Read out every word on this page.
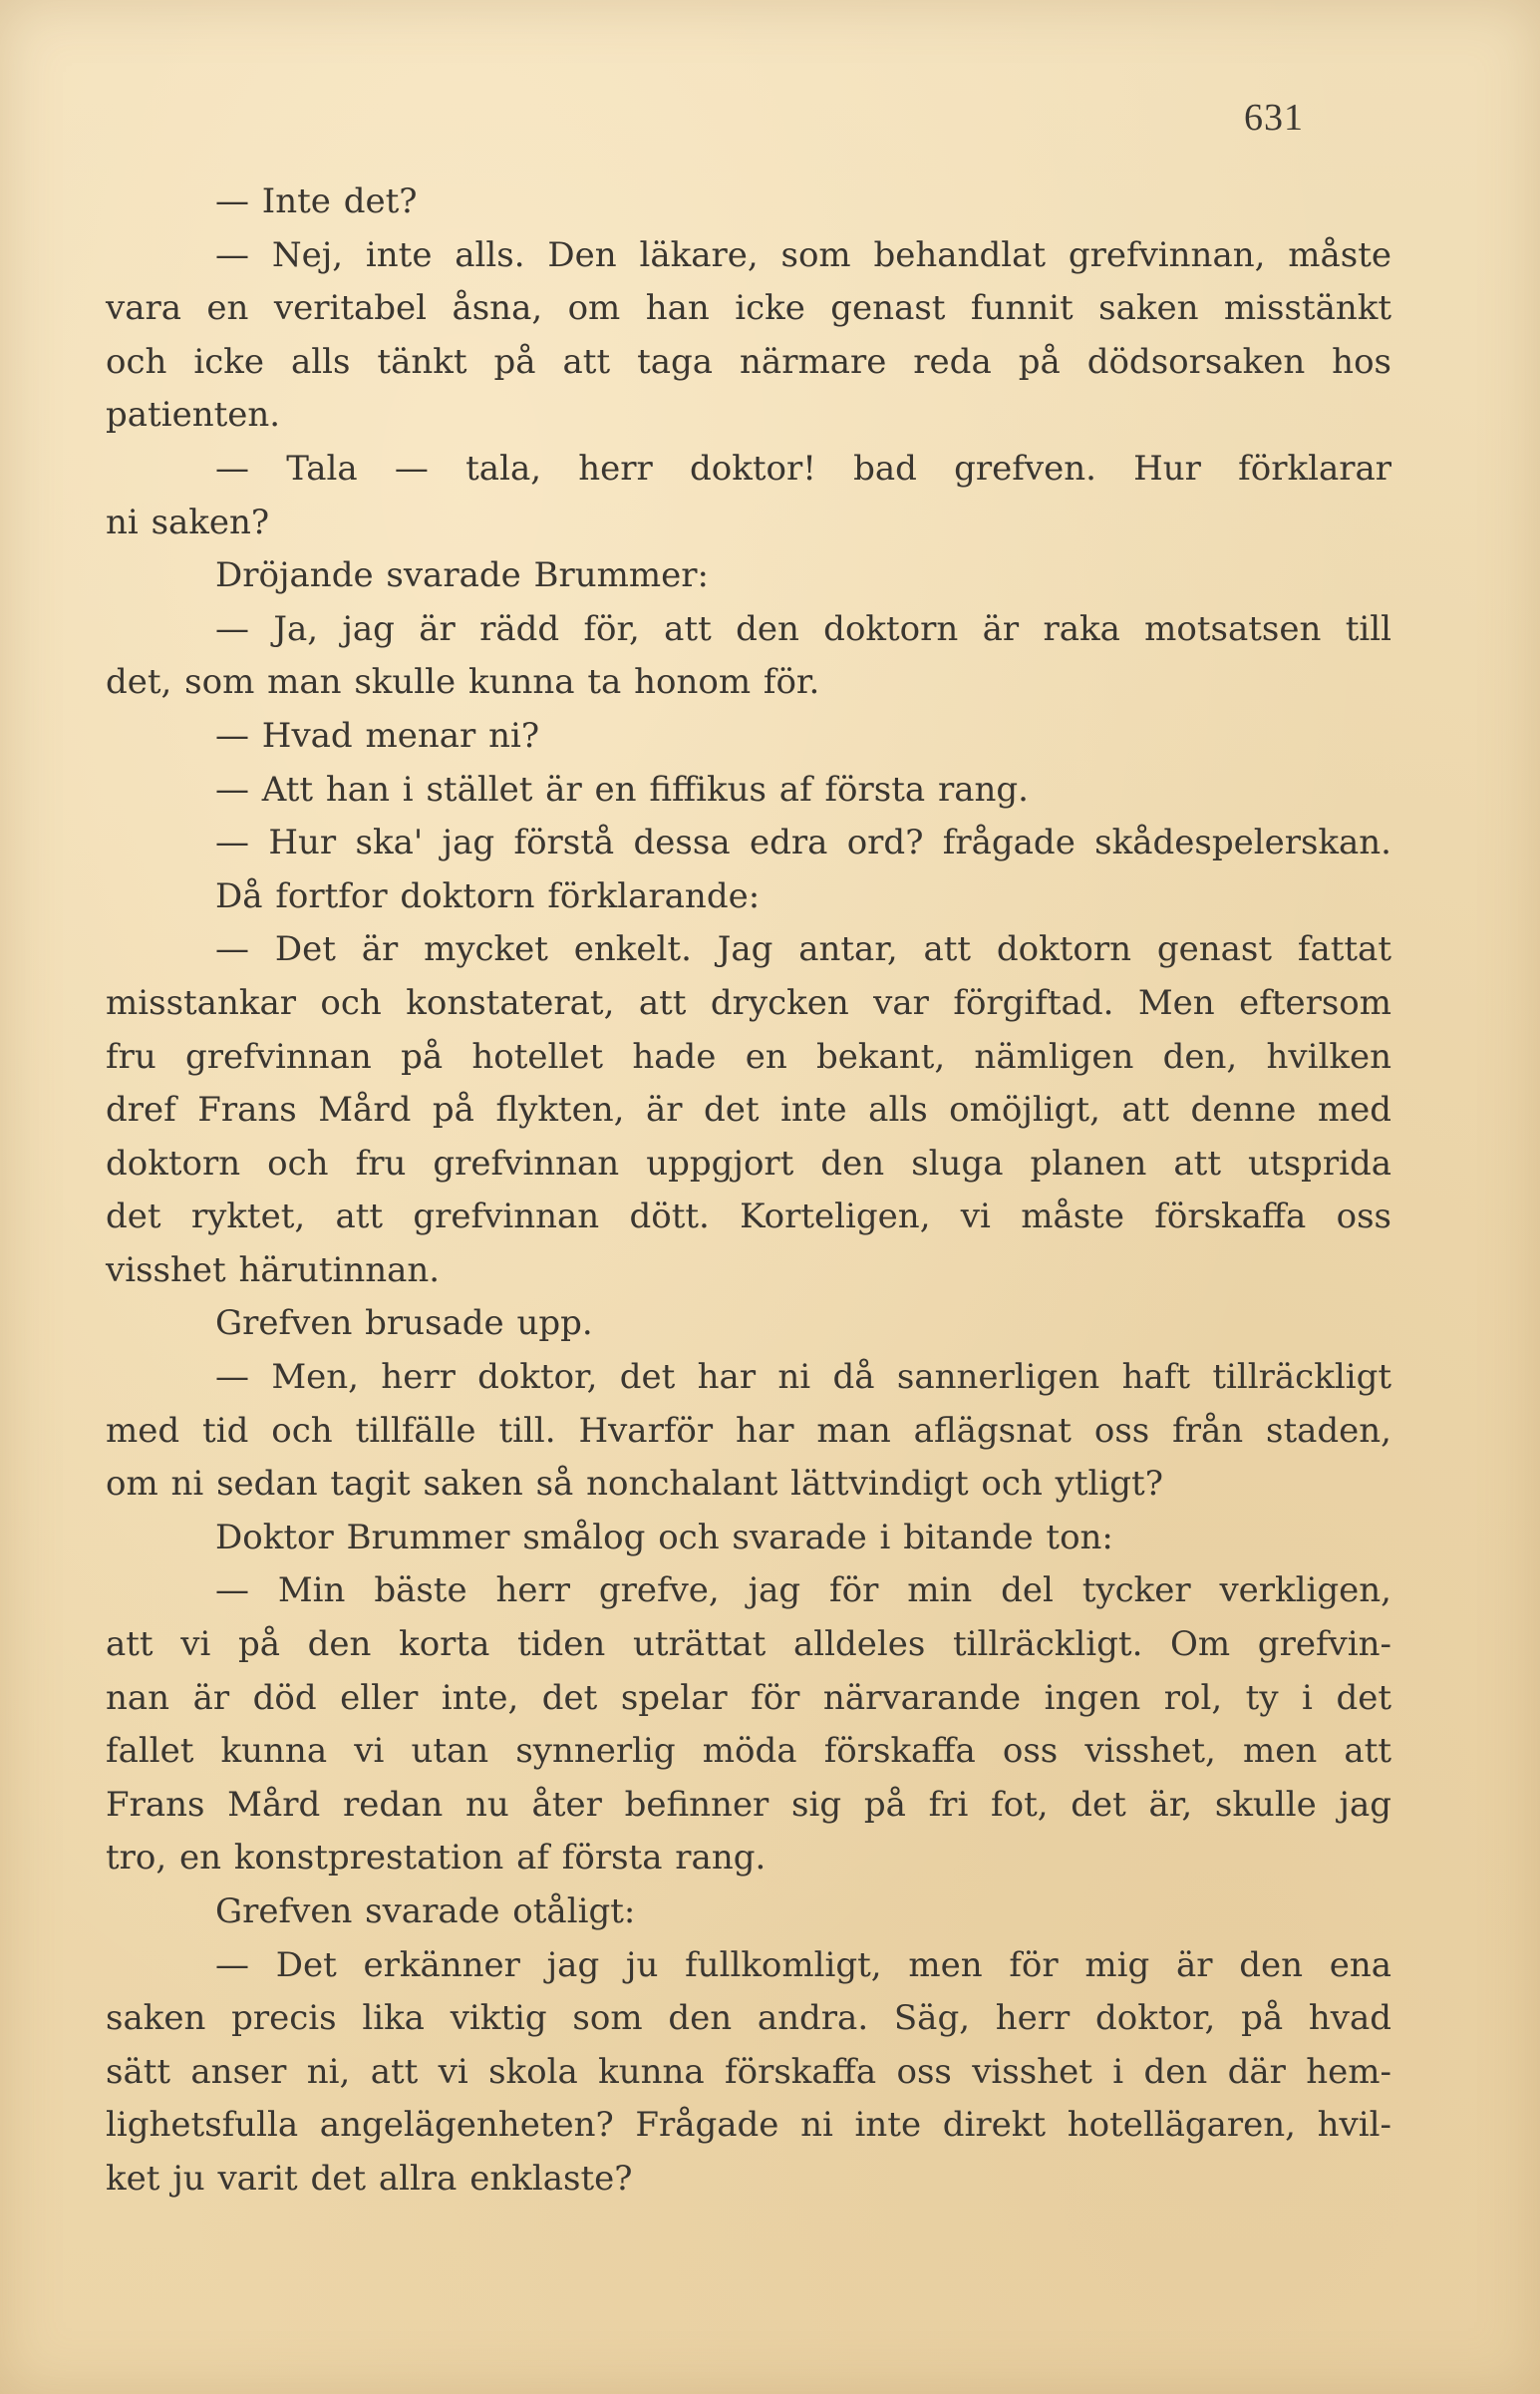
631
— Inte det?
— Nej, inte alls. Den läkare, som behandlat grefvinnan, måste
vara en veritabel åsna, om han icke genast funnit saken misstänkt
och icke alls tänkt på att taga närmare reda på dödsorsaken hos
patienten.
— Tala — tala, herr doktor! bad grefven. Hur förklarar
ni saken?
Dröjande svarade Brummer:
— Ja, jag är rädd för, att den doktorn är raka motsatsen till
det, som man skulle kunna ta honom för.
— Hvad menar ni?
— Att han i stället är en fiffikus af första rang.
— Hur ska' jag förstå dessa edra ord? frågade skådespelerskan.
Då fortfor doktorn förklarande:
— Det är mycket enkelt. Jag antar, att doktorn genast fattat
misstankar och konstaterat, att drycken var förgiftad. Men eftersom
fru grefvinnan på hotellet hade en bekant, nämligen den, hvilken
dref Frans Mård på flykten, är det inte alls omöjligt, att denne med
doktorn och fru grefvinnan uppgjort den sluga planen att utsprida
det ryktet, att grefvinnan dött. Korteligen, vi måste förskaffa oss
visshet härutinnan.
Grefven brusade upp.
— Men, herr doktor, det har ni då sannerligen haft tillräckligt
med tid och tillfälle till. Hvarför har man aflägsnat oss från staden,
om ni sedan tagit saken så nonchalant lättvindigt och ytligt?
Doktor Brummer smålog och svarade i bitande ton:
— Min bäste herr grefve, jag för min del tycker verkligen,
att vi på den korta tiden uträttat alldeles tillräckligt. Om grefvin-
nan är död eller inte, det spelar för närvarande ingen rol, ty i det
fallet kunna vi utan synnerlig möda förskaffa oss visshet, men att
Frans Mård redan nu åter befinner sig på fri fot, det är, skulle jag
tro, en konstprestation af första rang.
Grefven svarade otåligt:
— Det erkänner jag ju fullkomligt, men för mig är den ena
saken precis lika viktig som den andra. Säg, herr doktor, på hvad
sätt anser ni, att vi skola kunna förskaffa oss visshet i den där hem-
lighetsfulla angelägenheten? Frågade ni inte direkt hotellägaren, hvil-
ket ju varit det allra enklaste?
